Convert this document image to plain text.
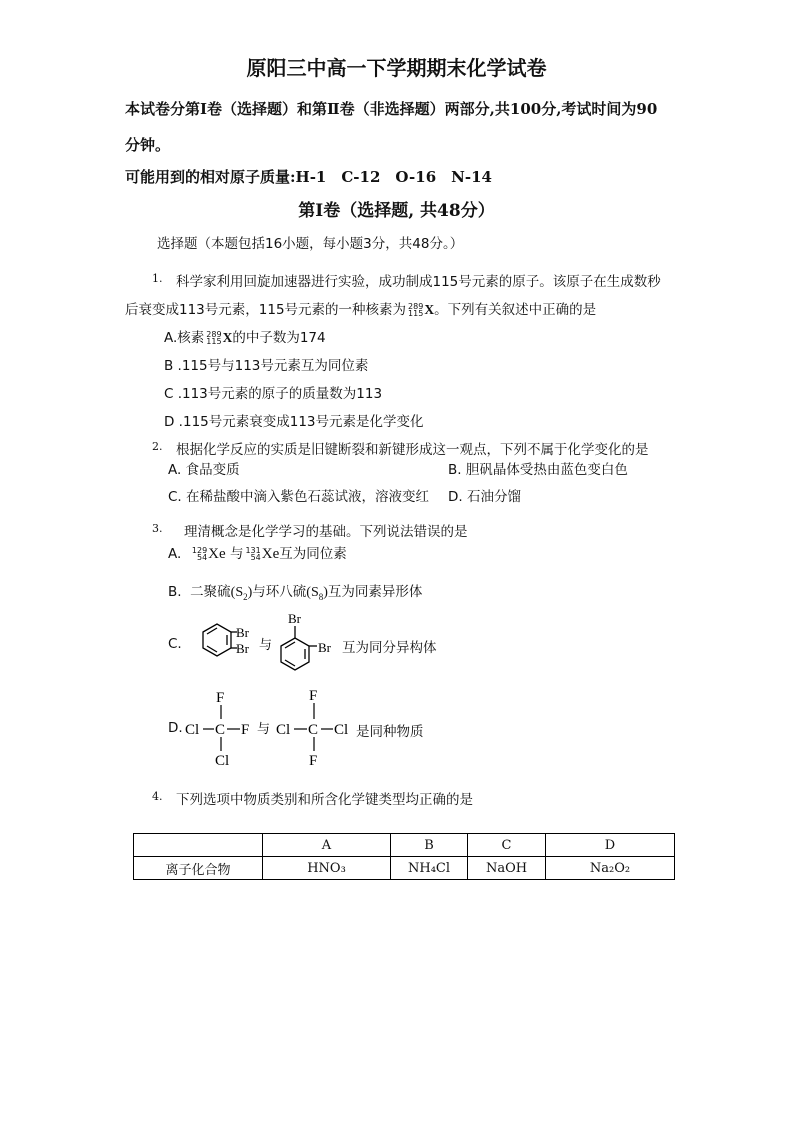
原阳三中高一下学期期末化学试卷
本试卷分第Ⅰ卷（选择题）和第Ⅱ卷（非选择题）两部分,共100分,考试时间为90
分钟。
可能用到的相对原子质量:H-1　C-12　O-16　N-14
第Ⅰ卷（选择题, 共48分）
选择题（本题包括16小题，每小题3分，共48分。）
1. 科学家利用回旋加速器进行实验，成功制成115号元素的原子。该原子在生成数秒
后衰变成113号元素，115号元素的一种核素为 289
115 X。下列有关叙述中正确的是
A.核素 289
115 X的中子数为174
B .115号与113号元素互为同位素
C .113号元素的原子的质量数为113
D .115号元素衰变成113号元素是化学变化
2. 根据化学反应的实质是旧键断裂和新键形成这一观点，下列不属于化学变化的是
A. 食品变质	B. 胆矾晶体受热由蓝色变白色
C. 在稀盐酸中滴入紫色石蕊试液，溶液变红 D. 石油分馏
3. 理清概念是化学学习的基础。下列说法错误的是
A. 129
54 Xe 与 131
54 Xe互为同位素
B. 二聚硫$(S_2)$与环八硫$(S_8)$互为同素异形体
C.
Br
Br 与
Br
Br 互为同分异构体
D.
F
Cl C F
Cl
与
F
Cl C Cl
F
是同种物质
4. 下列选项中物质类别和所含化学键类型均正确的是
	A	B	C	D
离子化合物	HNO₃	NH₄Cl	NaOH	Na₂O₂
